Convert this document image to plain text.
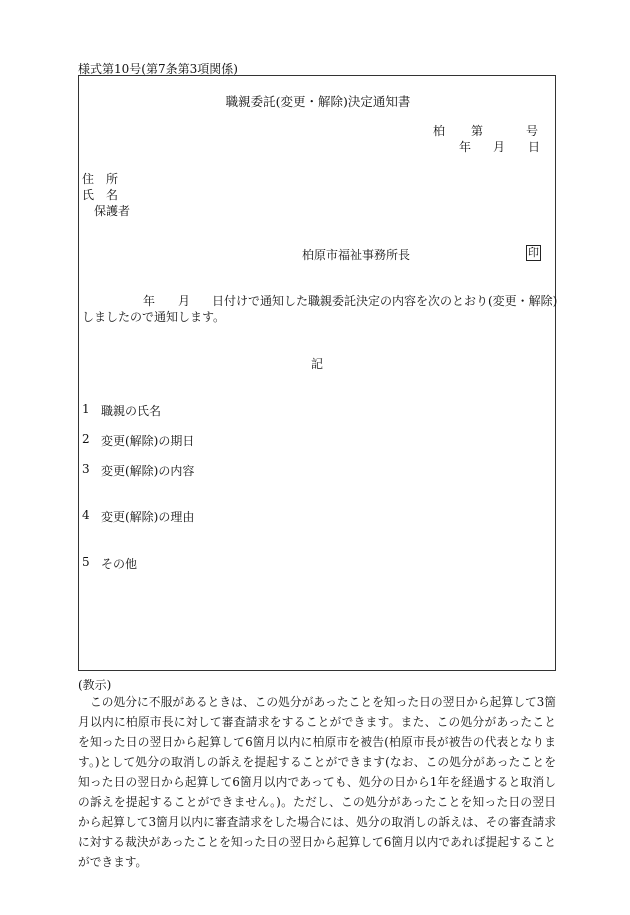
様式第10号(第7条第3項関係)
職親委託(変更・解除)決定通知書
柏 第	号
年 月 日
住　所
氏　名
保護者
柏原市福祉事務所長	印
年 月 日付けで通知した職親委託決定の内容を次のとおり(変更・解除)
しましたので通知します。
記
1 職親の氏名
2 変更(解除)の期日
3 変更(解除)の内容
4 変更(解除)の理由
5 その他
(教示)
この処分に不服があるときは、この処分があったことを知った日の翌日から起算して3箇月以内に柏原市長に対して審査請求をすることができます。また、この処分があったことを知った日の翌日から起算して6箇月以内に柏原市を被告(柏原市長が被告の代表となります。)として処分の取消しの訴えを提起することができます(なお、この処分があったことを知った日の翌日から起算して6箇月以内であっても、処分の日から1年を経過すると取消しの訴えを提起することができません。)。ただし、この処分があったことを知った日の翌日から起算して3箇月以内に審査請求をした場合には、処分の取消しの訴えは、その審査請求に対する裁決があったことを知った日の翌日から起算して6箇月以内であれば提起することができます。
